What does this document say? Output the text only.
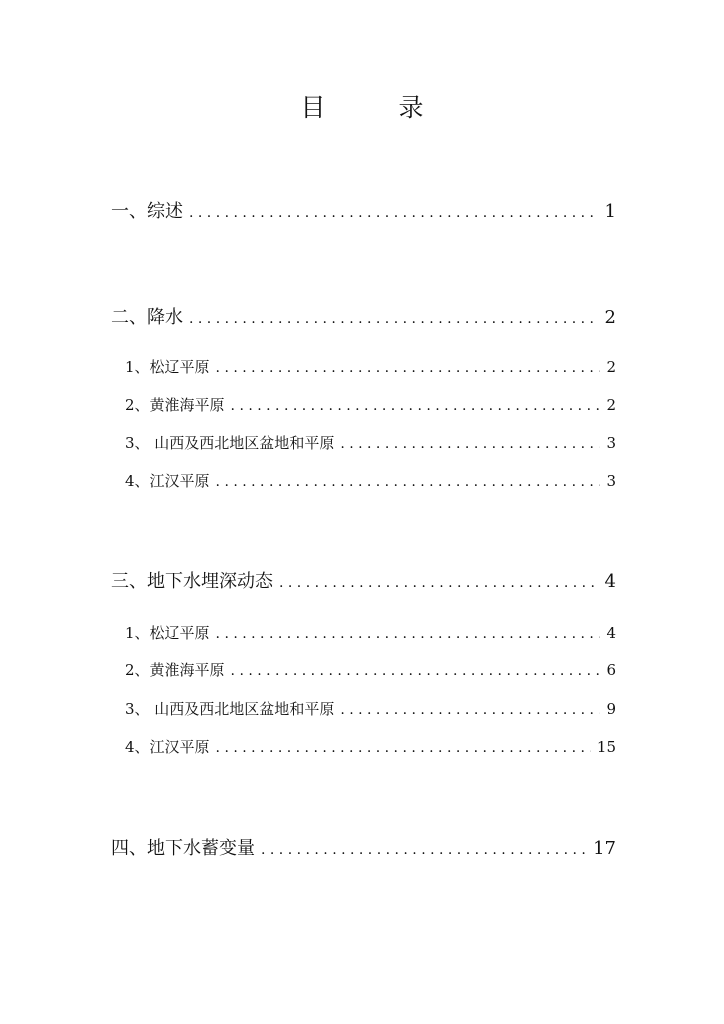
目　录
一、综述 . . .	1
二、降水 . . .	2
1、松辽平原 . . .	2
2、黄淮海平原 . . .	2
3、 山西及西北地区盆地和平原 . . .	3
4、江汉平原 . . .	3
三、地下水埋深动态 . . .	4
1、松辽平原 . . .	4
2、黄淮海平原 . . .	6
3、 山西及西北地区盆地和平原 . . .	9
4、江汉平原 . . .	15
四、地下水蓄变量 . . .	17
